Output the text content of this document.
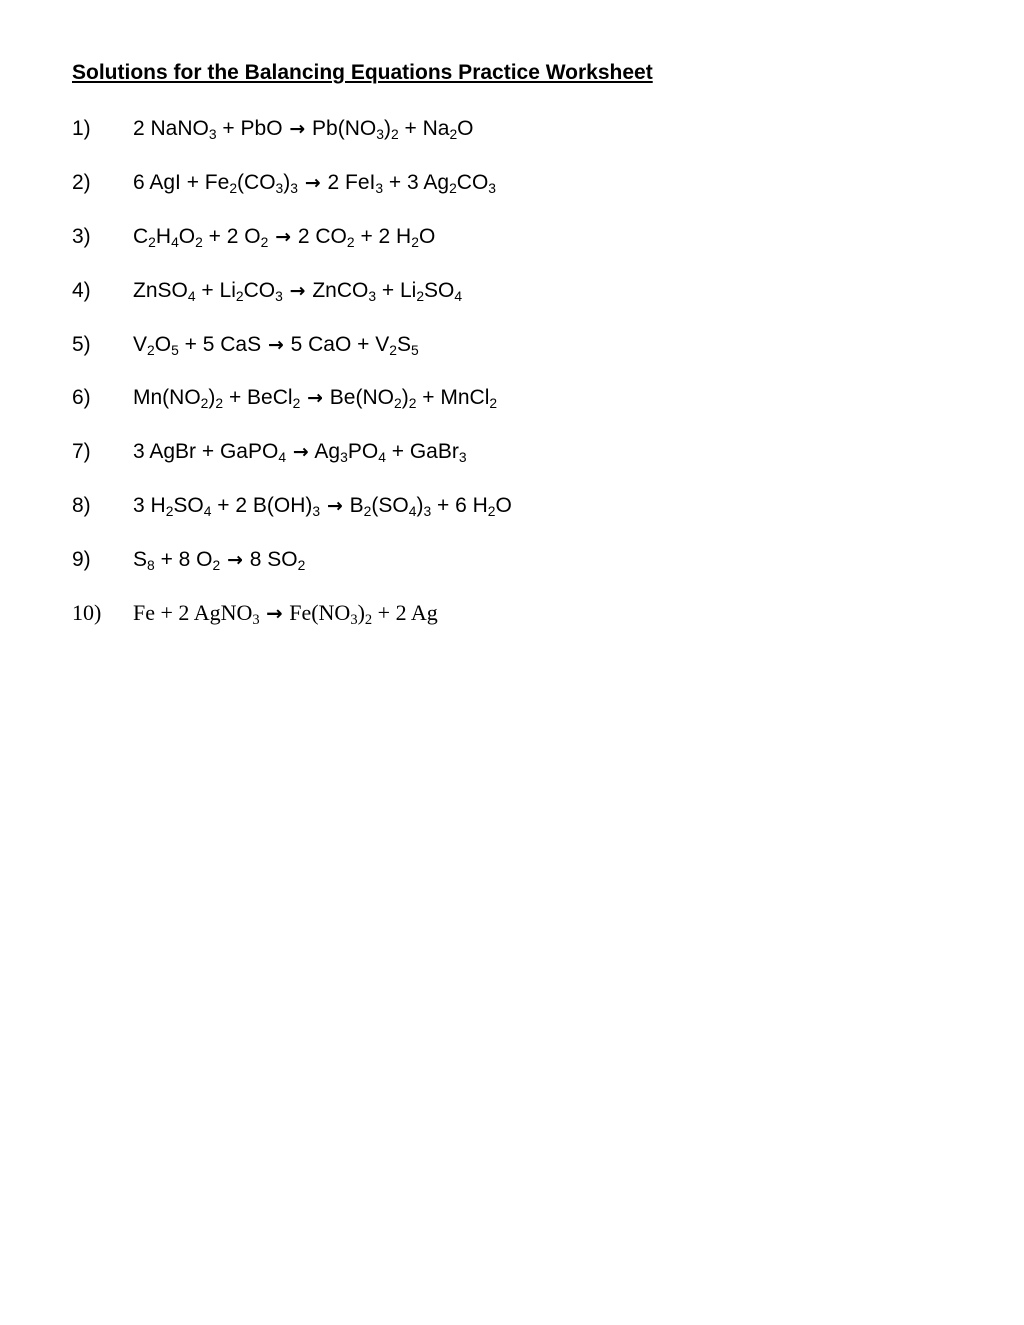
Solutions for the Balancing Equations Practice Worksheet
1) 2 NaNO3 + PbO → Pb(NO3)2 + Na2O
2) 6 AgI + Fe2(CO3)3 → 2 FeI3 + 3 Ag2CO3
3) C2H4O2 + 2 O2 → 2 CO2 + 2 H2O
4) ZnSO4 + Li2CO3 → ZnCO3 + Li2SO4
5) V2O5 + 5 CaS → 5 CaO + V2S5
6) Mn(NO2)2 + BeCl2 → Be(NO2)2 + MnCl2
7) 3 AgBr + GaPO4 → Ag3PO4 + GaBr3
8) 3 H2SO4 + 2 B(OH)3 → B2(SO4)3 + 6 H2O
9) S8 + 8 O2 → 8 SO2
10) Fe + 2 AgNO3 → Fe(NO3)2 + 2 Ag
